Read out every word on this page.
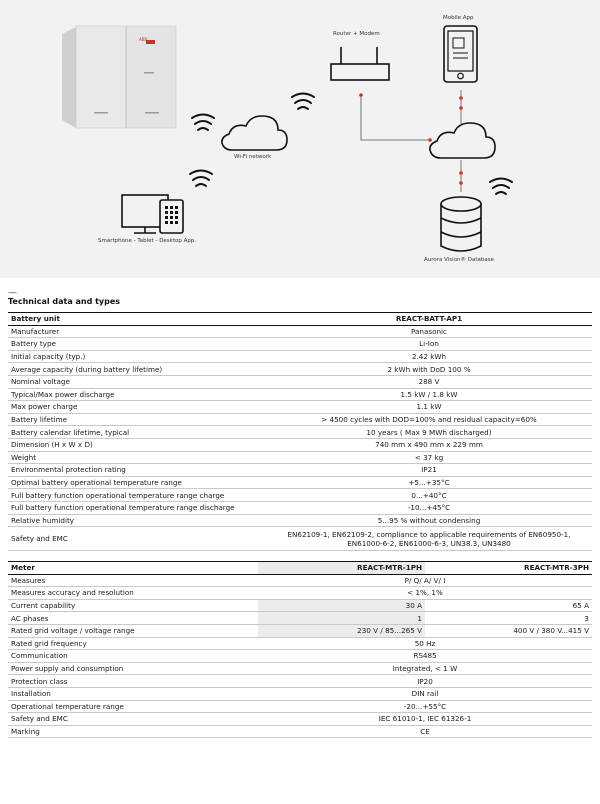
ABB
Router + Modem
Mobile App
Wi-Fi network
Smartphone - Tablet - Desktop App.
Aurora Vision® Database
—
Technical data and types
Battery unit	REACT-BATT-AP1
Manufacturer	Panasonic
Battery type	Li-Ion
Initial capacity (typ.)	2.42 kWh
Average capacity (during battery lifetime)	2 kWh with DoD 100 %
Nominal voltage	288 V
Typical/Max power discharge	1.5 kW / 1.8 kW
Max power charge	1.1 kW
Battery lifetime	> 4500 cycles with DOD=100% and residual capacity=60%
Battery calendar lifetime, typical	10 years ( Max 9 MWh discharged)
Dimension (H x W x D)	740 mm x 490 mm x 229 mm
Weight	< 37 kg
Environmental protection rating	IP21
Optimal battery operational temperature range	+5...+35°C
Full battery function operational temperature range charge	0...+40°C
Full battery function operational temperature range discharge	-10...+45°C
Relative humidity	5...95 % without condensing
Safety and EMC	EN62109-1, EN62109-2, compliance to applicable requirements of EN60950-1,
EN61000-6-2, EN61000-6-3, UN38.3, UN3480
Meter	REACT-MTR-1PH	REACT-MTR-3PH
Measures	P/ Q/ A/ V/ I	
Measures accuracy and resolution	< 1%, 1%	
Current capability	30 A	65 A
AC phases	1	3
Rated grid voltage / voltage range	230 V / 85...265 V	400 V / 380 V...415 V
Rated grid frequency	50 Hz	
Communication	RS485	
Power supply and consumption	Integrated, < 1 W	
Protection class	IP20	
Installation	DIN rail	
Operational temperature range	-20...+55°C	
Safety and EMC	IEC 61010-1, IEC 61326-1	
Marking	CE	
